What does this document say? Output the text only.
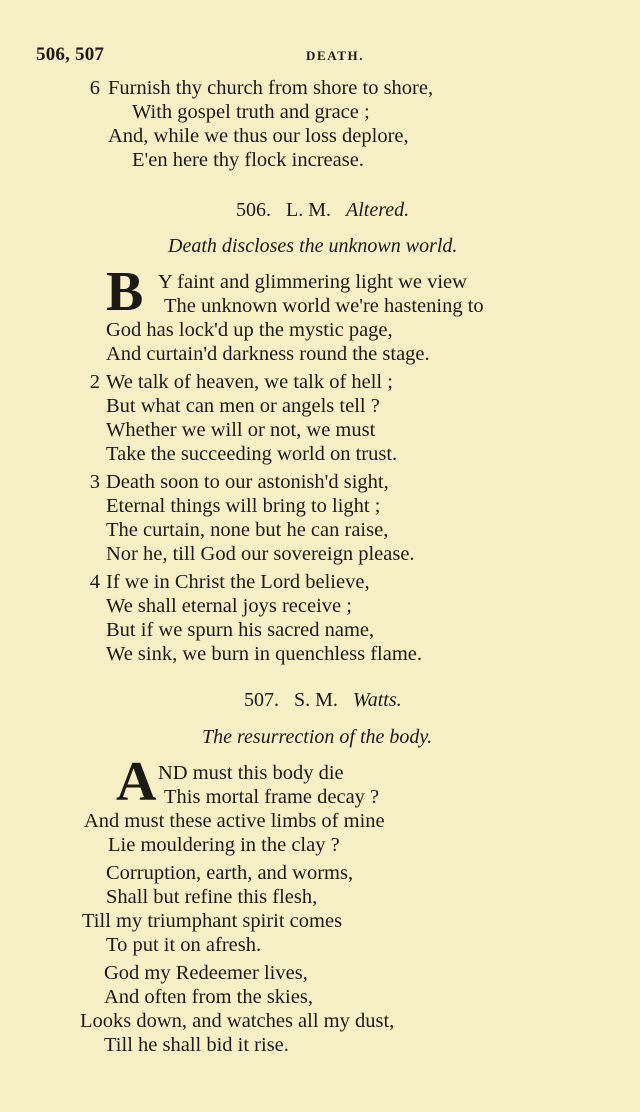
506, 507	DEATH.
6 Furnish thy church from shore to shore,
With gospel truth and grace ;
And, while we thus our loss deplore,
E'en here thy flock increase.
506. L. M. Altered.
Death discloses the unknown world.
B Y faint and glimmering light we view
The unknown world we're hastening to
God has lock'd up the mystic page,
And curtain'd darkness round the stage.
2 We talk of heaven, we talk of hell ;
But what can men or angels tell ?
Whether we will or not, we must
Take the succeeding world on trust.
3 Death soon to our astonish'd sight,
Eternal things will bring to light ;
The curtain, none but he can raise,
Nor he, till God our sovereign please.
4 If we in Christ the Lord believe,
We shall eternal joys receive ;
But if we spurn his sacred name,
We sink, we burn in quenchless flame.
507. S. M. Watts.
The resurrection of the body.
A ND must this body die
This mortal frame decay ?
And must these active limbs of mine
Lie mouldering in the clay ?
Corruption, earth, and worms,
Shall but refine this flesh,
Till my triumphant spirit comes
To put it on afresh.
God my Redeemer lives,
And often from the skies,
Looks down, and watches all my dust,
Till he shall bid it rise.
